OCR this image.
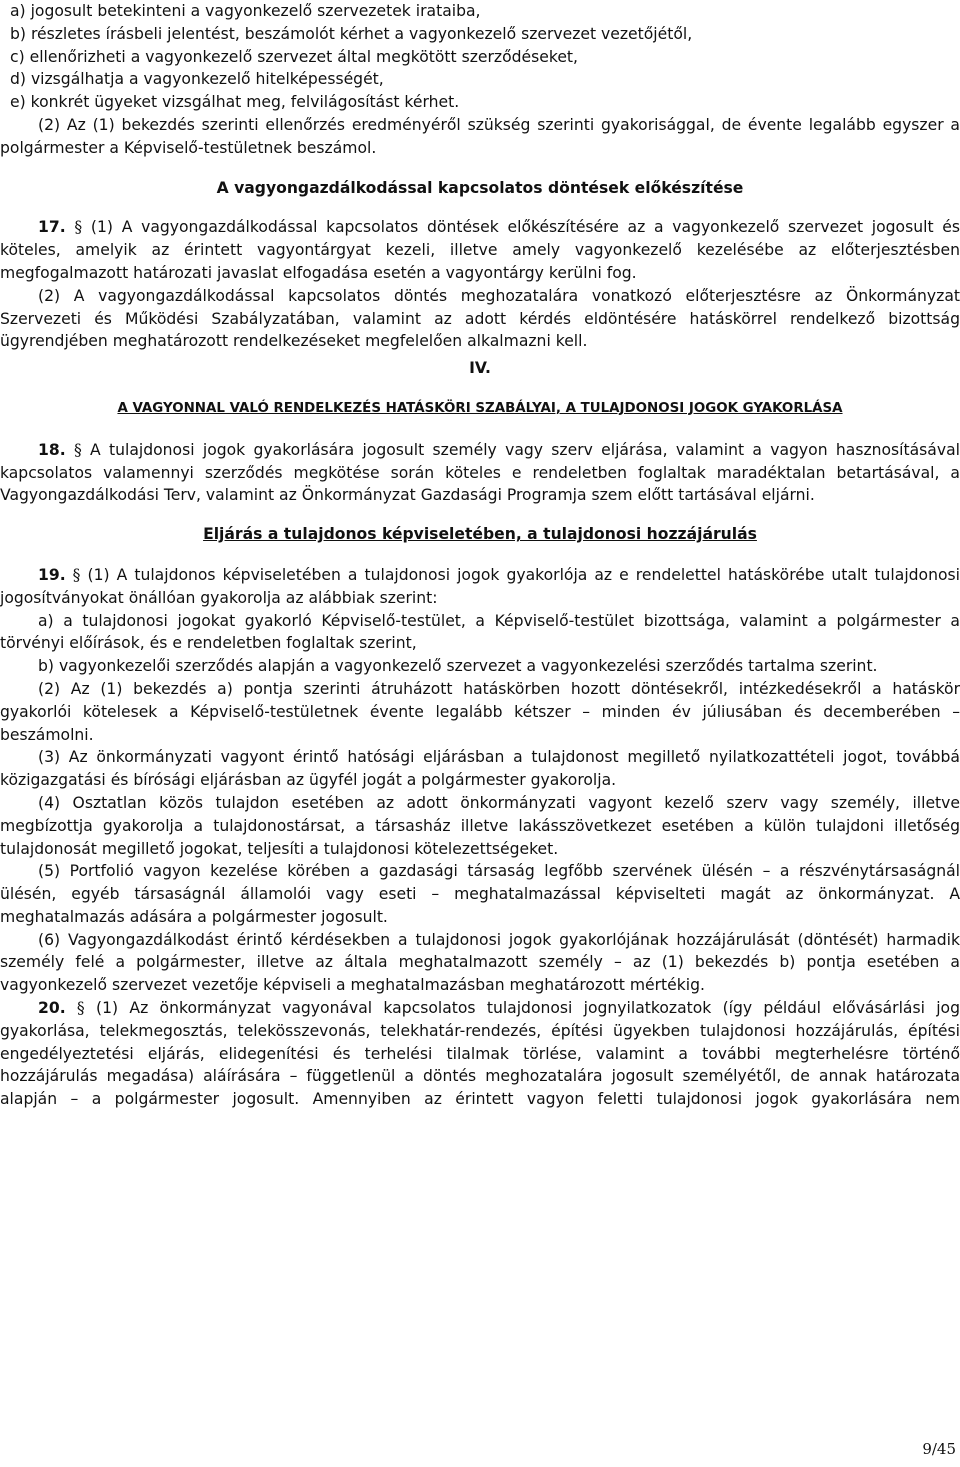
a) jogosult betekinteni a vagyonkezelő szervezetek irataiba,
b) részletes írásbeli jelentést, beszámolót kérhet a vagyonkezelő szervezet vezetőjétől,
c) ellenőrizheti a vagyonkezelő szervezet által megkötött szerződéseket,
d) vizsgálhatja a vagyonkezelő hitelképességét,
e) konkrét ügyeket vizsgálhat meg, felvilágosítást kérhet.

(2) Az (1) bekezdés szerinti ellenőrzés eredményéről szükség szerinti gyakorisággal, de évente legalább egyszer a polgármester a Képviselő-testületnek beszámol.

A vagyongazdálkodással kapcsolatos döntések előkészítése

17. § (1) A vagyongazdálkodással kapcsolatos döntések előkészítésére az a vagyonkezelő szervezet jogosult és köteles, amelyik az érintett vagyontárgyat kezeli, illetve amely vagyonkezelő kezelésébe az előterjesztésben megfogalmazott határozati javaslat elfogadása esetén a vagyontárgy kerülni fog.

(2) A vagyongazdálkodással kapcsolatos döntés meghozatalára vonatkozó előterjesztésre az Önkormányzat Szervezeti és Működési Szabályzatában, valamint az adott kérdés eldöntésére hatáskörrel rendelkező bizottság ügyrendjében meghatározott rendelkezéseket megfelelően alkalmazni kell.

IV.

A VAGYONNAL VALÓ RENDELKEZÉS HATÁSKÖRI SZABÁLYAI, A TULAJDONOSI JOGOK GYAKORLÁSA

18. § A tulajdonosi jogok gyakorlására jogosult személy vagy szerv eljárása, valamint a vagyon hasznosításával kapcsolatos valamennyi szerződés megkötése során köteles e rendeletben foglaltak maradéktalan betartásával, a Vagyongazdálkodási Terv, valamint az Önkormányzat Gazdasági Programja szem előtt tartásával eljárni.

Eljárás a tulajdonos képviseletében, a tulajdonosi hozzájárulás

19. § (1) A tulajdonos képviseletében a tulajdonosi jogok gyakorlója az e rendelettel hatáskörébe utalt tulajdonosi jogosítványokat önállóan gyakorolja az alábbiak szerint:

a) a tulajdonosi jogokat gyakorló Képviselő-testület, a Képviselő-testület bizottsága, valamint a polgármester a törvényi előírások, és e rendeletben foglaltak szerint,

b) vagyonkezelői szerződés alapján a vagyonkezelő szervezet a vagyonkezelési szerződés tartalma szerint.

(2) Az (1) bekezdés a) pontja szerinti átruházott hatáskörben hozott döntésekről, intézkedésekről a hatáskör gyakorlói kötelesek a Képviselő-testületnek évente legalább kétszer – minden év júliusában és decemberében – beszámolni.

(3) Az önkormányzati vagyont érintő hatósági eljárásban a tulajdonost megillető nyilatkozattételi jogot, továbbá közigazgatási és bírósági eljárásban az ügyfél jogát a polgármester gyakorolja.

(4) Osztatlan közös tulajdon esetében az adott önkormányzati vagyont kezelő szerv vagy személy, illetve megbízottja gyakorolja a tulajdonostársat, a társasház illetve lakásszövetkezet esetében a külön tulajdoni illetőség tulajdonosát megillető jogokat, teljesíti a tulajdonosi kötelezettségeket.

(5) Portfolió vagyon kezelése körében a gazdasági társaság legfőbb szervének ülésén – a részvénytársaságnál ülésén, egyéb társaságnál államolói vagy eseti – meghatalmazással képviselteti magát az önkormányzat. A meghatalmazás adására a polgármester jogosult.

(6) Vagyongazdálkodást érintő kérdésekben a tulajdonosi jogok gyakorlójának hozzájárulását (döntését) harmadik személy felé a polgármester, illetve az általa meghatalmazott személy – az (1) bekezdés b) pontja esetében a vagyonkezelő szervezet vezetője képviseli a meghatalmazásban meghatározott mértékig.

20. § (1) Az önkormányzat vagyonával kapcsolatos tulajdonosi jognyilatkozatok (így például elővásárlási jog gyakorlása, telekmegosztás, telekösszevonás, telekhatár-rendezés, építési ügyekben tulajdonosi hozzájárulás, építési engedélyeztetési eljárás, elidegenítési és terhelési tilalmak törlése, valamint a további megterhelésre történő hozzájárulás megadása) aláírására – függetlenül a döntés meghozatalára jogosult személyétől, de annak határozata alapján – a polgármester jogosult. Amennyiben az érintett vagyon feletti tulajdonosi jogok gyakorlására nem

9/45
